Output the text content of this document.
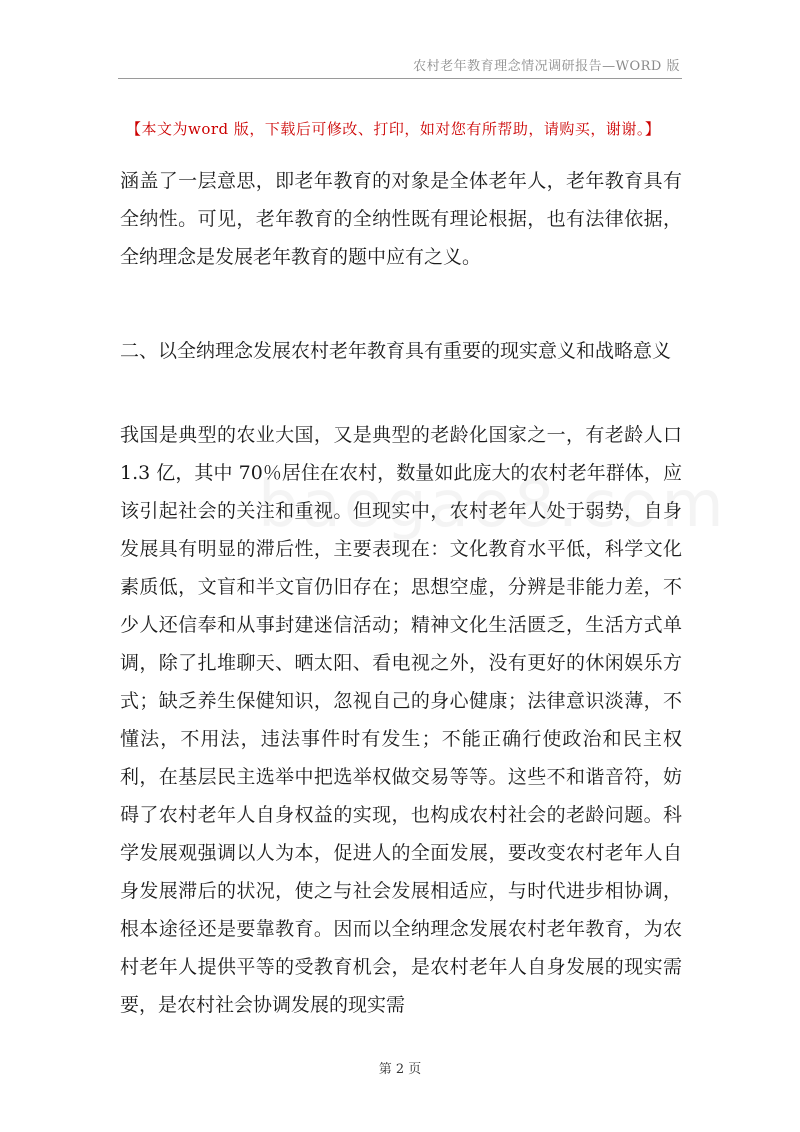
农村老年教育理念情况调研报告—WORD 版
【本文为word 版，下载后可修改、打印，如对您有所帮助，请购买，谢谢。】
涵盖了一层意思，即老年教育的对象是全体老年人，老年教育具有全纳性。可见，老年教育的全纳性既有理论根据，也有法律依据，全纳理念是发展老年教育的题中应有之义。
二、以全纳理念发展农村老年教育具有重要的现实意义和战略意义
我国是典型的农业大国，又是典型的老龄化国家之一，有老龄人口1.3 亿，其中 70％居住在农村，数量如此庞大的农村老年群体，应该引起社会的关注和重视。但现实中，农村老年人处于弱势，自身发展具有明显的滞后性，主要表现在：文化教育水平低，科学文化素质低，文盲和半文盲仍旧存在；思想空虚，分辨是非能力差，不少人还信奉和从事封建迷信活动；精神文化生活匮乏，生活方式单调，除了扎堆聊天、晒太阳、看电视之外，没有更好的休闲娱乐方式；缺乏养生保健知识，忽视自己的身心健康；法律意识淡薄，不懂法，不用法，违法事件时有发生；不能正确行使政治和民主权利，在基层民主选举中把选举权做交易等等。这些不和谐音符，妨碍了农村老年人自身权益的实现，也构成农村社会的老龄问题。科学发展观强调以人为本，促进人的全面发展，要改变农村老年人自身发展滞后的状况，使之与社会发展相适应，与时代进步相协调，根本途径还是要靠教育。因而以全纳理念发展农村老年教育，为农村老年人提供平等的受教育机会，是农村老年人自身发展的现实需要，是农村社会协调发展的现实需
第 2 页
